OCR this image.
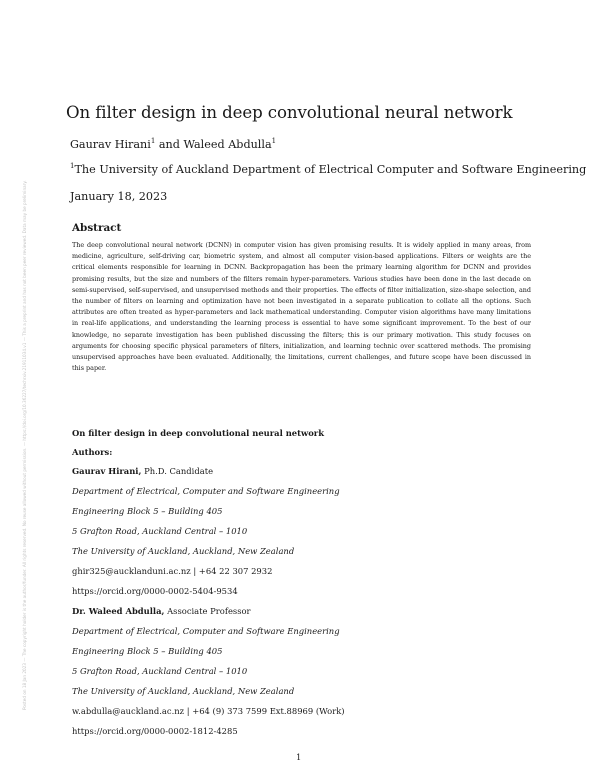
Posted on 18 Jan 2023 — The copyright holder is the author/funder. All rights reserved. No reuse allowed without permission. — https://doi.org/10.36227/techrxiv.21911034.v1 — This a preprint and has not been peer reviewed. Data may be preliminary.
On filter design in deep convolutional neural network
Gaurav Hirani$^1$ and Waleed Abdulla$^1$
$^1$The University of Auckland Department of Electrical Computer and Software Engineering
January 18, 2023
Abstract

The deep convolutional neural network (DCNN) in computer vision has given promising results. It is widely applied in many areas, from medicine, agriculture, self-driving car, biometric system, and almost all computer vision-based applications. Filters or weights are the critical elements responsible for learning in DCNN. Backpropagation has been the primary learning algorithm for DCNN and provides promising results, but the size and numbers of the filters remain hyper-parameters. Various studies have been done in the last decade on semi-supervised, self-supervised, and unsupervised methods and their properties. The effects of filter initialization, size-shape selection, and the number of filters on learning and optimization have not been investigated in a separate publication to collate all the options. Such attributes are often treated as hyper-parameters and lack mathematical understanding. Computer vision algorithms have many limitations in real-life applications, and understanding the learning process is essential to have some significant improvement. To the best of our knowledge, no separate investigation has been published discussing the filters; this is our primary motivation. This study focuses on arguments for choosing specific physical parameters of filters, initialization, and learning technic over scattered methods. The promising unsupervised approaches have been evaluated. Additionally, the limitations, current challenges, and future scope have been discussed in this paper.

On filter design in deep convolutional neural network
Authors:
Gaurav Hirani, Ph.D. Candidate
Department of Electrical, Computer and Software Engineering
Engineering Block 5 – Building 405
5 Grafton Road, Auckland Central – 1010
The University of Auckland, Auckland, New Zealand
ghir325@aucklanduni.ac.nz | +64 22 307 2932
https://orcid.org/0000-0002-5404-9534
Dr. Waleed Abdulla, Associate Professor
Department of Electrical, Computer and Software Engineering
Engineering Block 5 – Building 405
5 Grafton Road, Auckland Central – 1010
The University of Auckland, Auckland, New Zealand
w.abdulla@auckland.ac.nz | +64 (9) 373 7599 Ext.88969 (Work)
https://orcid.org/0000-0002-1812-4285
1
